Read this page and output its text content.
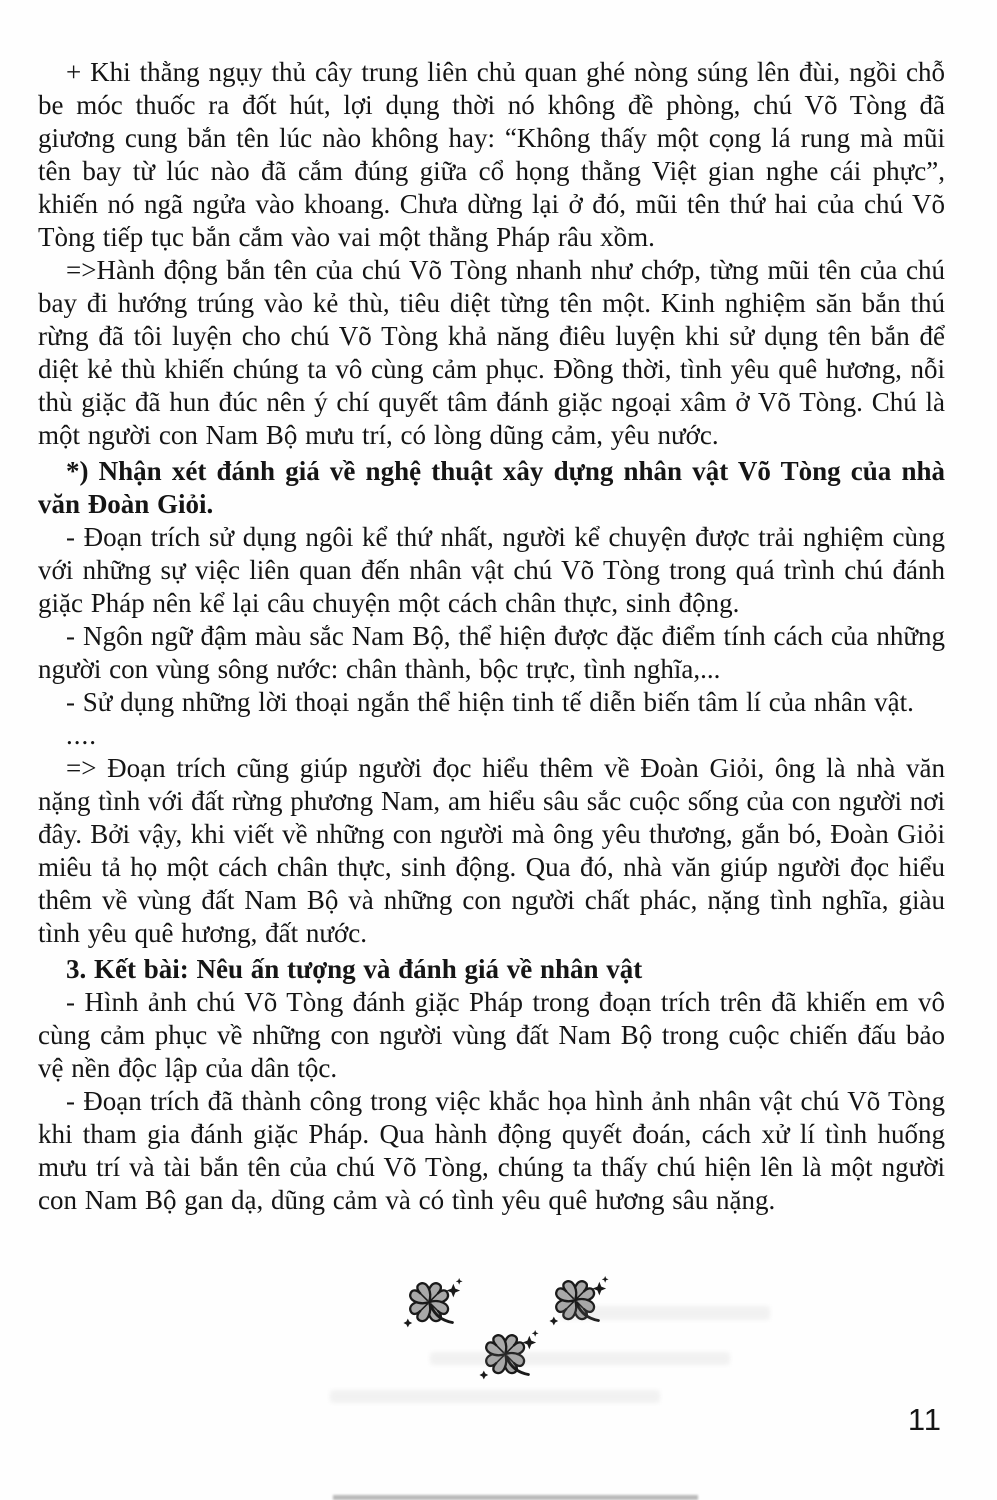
+ Khi thằng ngụy thủ cây trung liên chủ quan ghé nòng súng lên đùi, ngồi chỗ be móc thuốc ra đốt hút, lợi dụng thời nó không đề phòng, chú Võ Tòng đã giương cung bắn tên lúc nào không hay: “Không thấy một cọng lá rung mà mũi tên bay từ lúc nào đã cắm đúng giữa cổ họng thằng Việt gian nghe cái phực”, khiến nó ngã ngửa vào khoang. Chưa dừng lại ở đó, mũi tên thứ hai của chú Võ Tòng tiếp tục bắn cắm vào vai một thằng Pháp râu xồm.

=>Hành động bắn tên của chú Võ Tòng nhanh như chớp, từng mũi tên của chú bay đi hướng trúng vào kẻ thù, tiêu diệt từng tên một. Kinh nghiệm săn bắn thú rừng đã tôi luyện cho chú Võ Tòng khả năng điêu luyện khi sử dụng tên bắn để diệt kẻ thù khiến chúng ta vô cùng cảm phục. Đồng thời, tình yêu quê hương, nỗi thù giặc đã hun đúc nên ý chí quyết tâm đánh giặc ngoại xâm ở Võ Tòng. Chú là một người con Nam Bộ mưu trí, có lòng dũng cảm, yêu nước.

*) Nhận xét đánh giá về nghệ thuật xây dựng nhân vật Võ Tòng của nhà văn Đoàn Giỏi.

- Đoạn trích sử dụng ngôi kể thứ nhất, người kể chuyện được trải nghiệm cùng với những sự việc liên quan đến nhân vật chú Võ Tòng trong quá trình chú đánh giặc Pháp nên kể lại câu chuyện một cách chân thực, sinh động.

- Ngôn ngữ đậm màu sắc Nam Bộ, thể hiện được đặc điểm tính cách của những người con vùng sông nước: chân thành, bộc trực, tình nghĩa,...

- Sử dụng những lời thoại ngắn thể hiện tinh tế diễn biến tâm lí của nhân vật.

....

=> Đoạn trích cũng giúp người đọc hiểu thêm về Đoàn Giỏi, ông là nhà văn nặng tình với đất rừng phương Nam, am hiểu sâu sắc cuộc sống của con người nơi đây. Bởi vậy, khi viết về những con người mà ông yêu thương, gắn bó, Đoàn Giỏi miêu tả họ một cách chân thực, sinh động. Qua đó, nhà văn giúp người đọc hiểu thêm về vùng đất Nam Bộ và những con người chất phác, nặng tình nghĩa, giàu tình yêu quê hương, đất nước.

3. Kết bài: Nêu ấn tượng và đánh giá về nhân vật

- Hình ảnh chú Võ Tòng đánh giặc Pháp trong đoạn trích trên đã khiến em vô cùng cảm phục về những con người vùng đất Nam Bộ trong cuộc chiến đấu bảo vệ nền độc lập của dân tộc.

- Đoạn trích đã thành công trong việc khắc họa hình ảnh nhân vật chú Võ Tòng khi tham gia đánh giặc Pháp. Qua hành động quyết đoán, cách xử lí tình huống mưu trí và tài bắn tên của chú Võ Tòng, chúng ta thấy chú hiện lên là một người con Nam Bộ gan dạ, dũng cảm và có tình yêu quê hương sâu nặng.

11
